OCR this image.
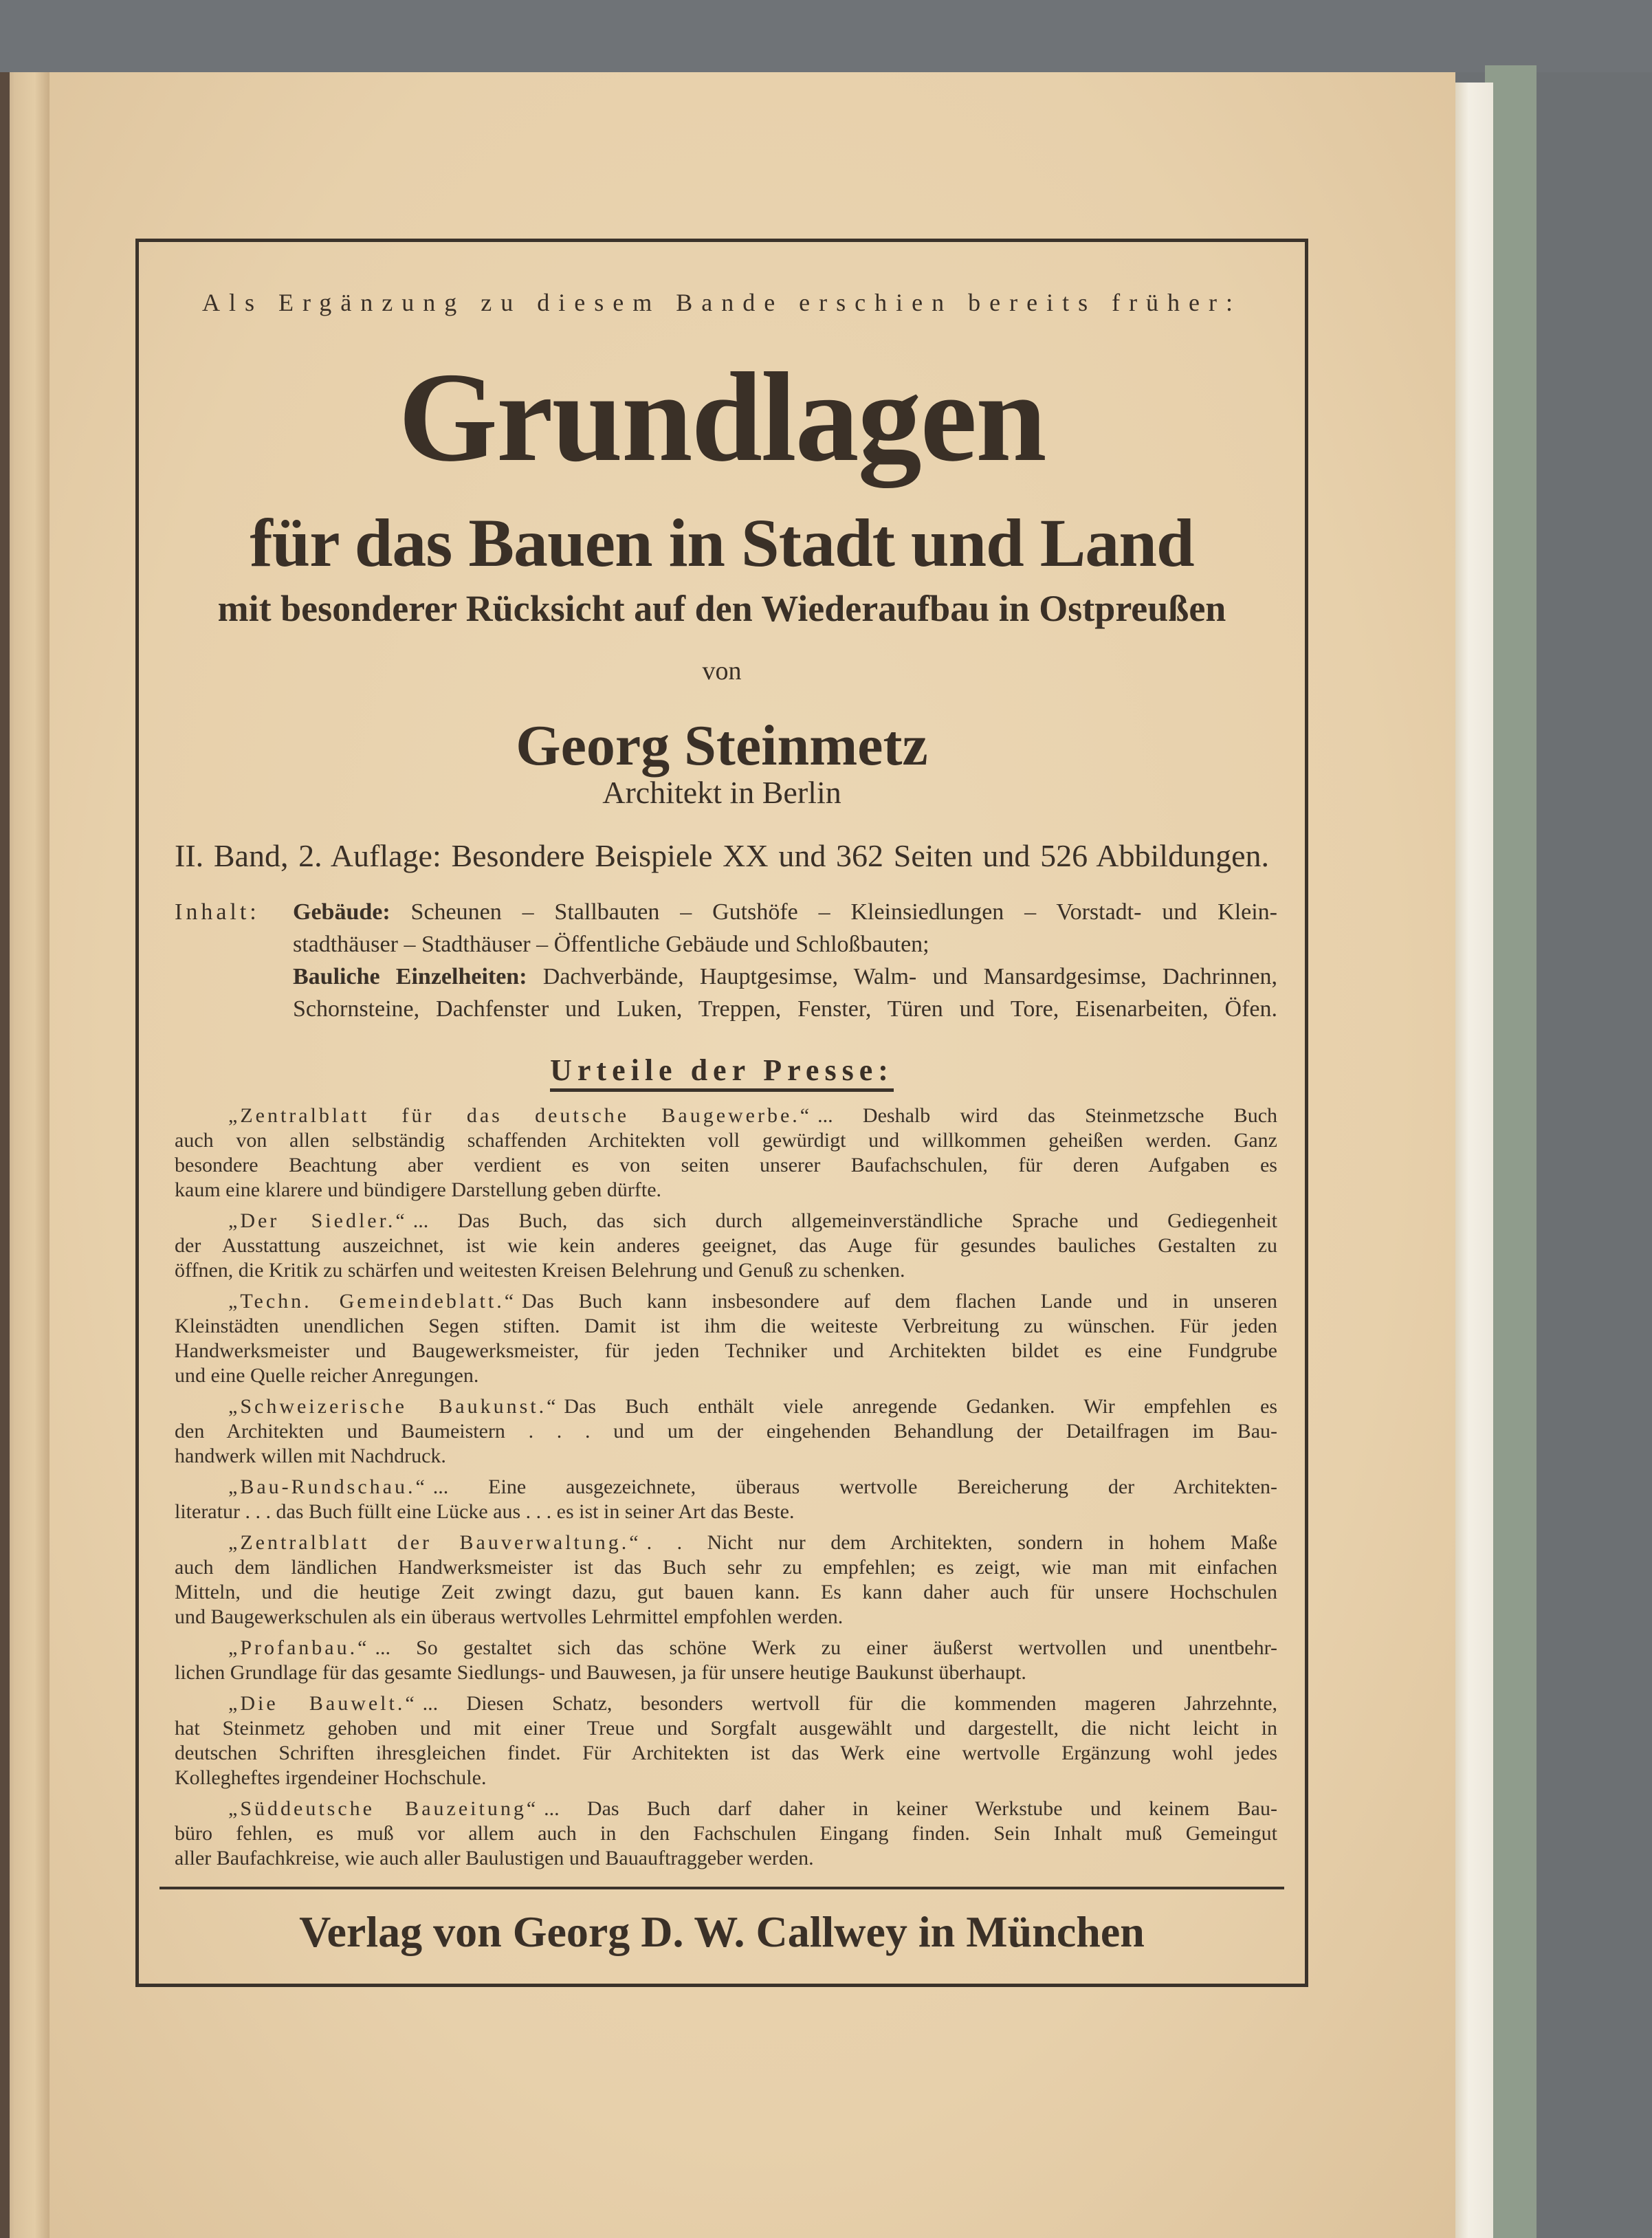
Als Ergänzung zu diesem Bande erschien bereits früher:
Grundlagen
für das Bauen in Stadt und Land
mit besonderer Rücksicht auf den Wiederaufbau in Ostpreußen
von
Georg Steinmetz
Architekt in Berlin
II. Band, 2. Auflage: Besondere Beispiele XX und 362 Seiten und 526 Abbildungen.
Inhalt: Gebäude: Scheunen – Stallbauten – Gutshöfe – Kleinsiedlungen – Vorstadt- und Klein-
stadthäuser – Stadthäuser – Öffentliche Gebäude und Schloßbauten;
Bauliche Einzelheiten: Dachverbände, Hauptgesimse, Walm- und Mansardgesimse, Dachrinnen,
Schornsteine, Dachfenster und Luken, Treppen, Fenster, Türen und Tore, Eisenarbeiten, Öfen.
Urteile der Presse:
„Zentralblatt für das deutsche Baugewerbe.“ ... Deshalb wird das Steinmetzsche Buch
auch von allen selbständig schaffenden Architekten voll gewürdigt und willkommen geheißen werden. Ganz
besondere Beachtung aber verdient es von seiten unserer Baufachschulen, für deren Aufgaben es
kaum eine klarere und bündigere Darstellung geben dürfte.
„Der Siedler.“ ... Das Buch, das sich durch allgemeinverständliche Sprache und Gediegenheit
der Ausstattung auszeichnet, ist wie kein anderes geeignet, das Auge für gesundes bauliches Gestalten zu
öffnen, die Kritik zu schärfen und weitesten Kreisen Belehrung und Genuß zu schenken.
„Techn. Gemeindeblatt.“ Das Buch kann insbesondere auf dem flachen Lande und in unseren
Kleinstädten unendlichen Segen stiften. Damit ist ihm die weiteste Verbreitung zu wünschen. Für jeden
Handwerksmeister und Baugewerksmeister, für jeden Techniker und Architekten bildet es eine Fundgrube
und eine Quelle reicher Anregungen.
„Schweizerische Baukunst.“ Das Buch enthält viele anregende Gedanken. Wir empfehlen es
den Architekten und Baumeistern . . . und um der eingehenden Behandlung der Detailfragen im Bau-
handwerk willen mit Nachdruck.
„Bau-Rundschau.“ ... Eine ausgezeichnete, überaus wertvolle Bereicherung der Architekten-
literatur . . . das Buch füllt eine Lücke aus . . . es ist in seiner Art das Beste.
„Zentralblatt der Bauverwaltung.“ . . Nicht nur dem Architekten, sondern in hohem Maße
auch dem ländlichen Handwerksmeister ist das Buch sehr zu empfehlen; es zeigt, wie man mit einfachen
Mitteln, und die heutige Zeit zwingt dazu, gut bauen kann. Es kann daher auch für unsere Hochschulen
und Baugewerkschulen als ein überaus wertvolles Lehrmittel empfohlen werden.
„Profanbau.“ ... So gestaltet sich das schöne Werk zu einer äußerst wertvollen und unentbehr-
lichen Grundlage für das gesamte Siedlungs- und Bauwesen, ja für unsere heutige Baukunst überhaupt.
„Die Bauwelt.“ ... Diesen Schatz, besonders wertvoll für die kommenden mageren Jahrzehnte,
hat Steinmetz gehoben und mit einer Treue und Sorgfalt ausgewählt und dargestellt, die nicht leicht in
deutschen Schriften ihresgleichen findet. Für Architekten ist das Werk eine wertvolle Ergänzung wohl jedes
Kollegheftes irgendeiner Hochschule.
„Süddeutsche Bauzeitung“ ... Das Buch darf daher in keiner Werkstube und keinem Bau-
büro fehlen, es muß vor allem auch in den Fachschulen Eingang finden. Sein Inhalt muß Gemeingut
aller Baufachkreise, wie auch aller Baulustigen und Bauauftraggeber werden.
Verlag von Georg D. W. Callwey in München
